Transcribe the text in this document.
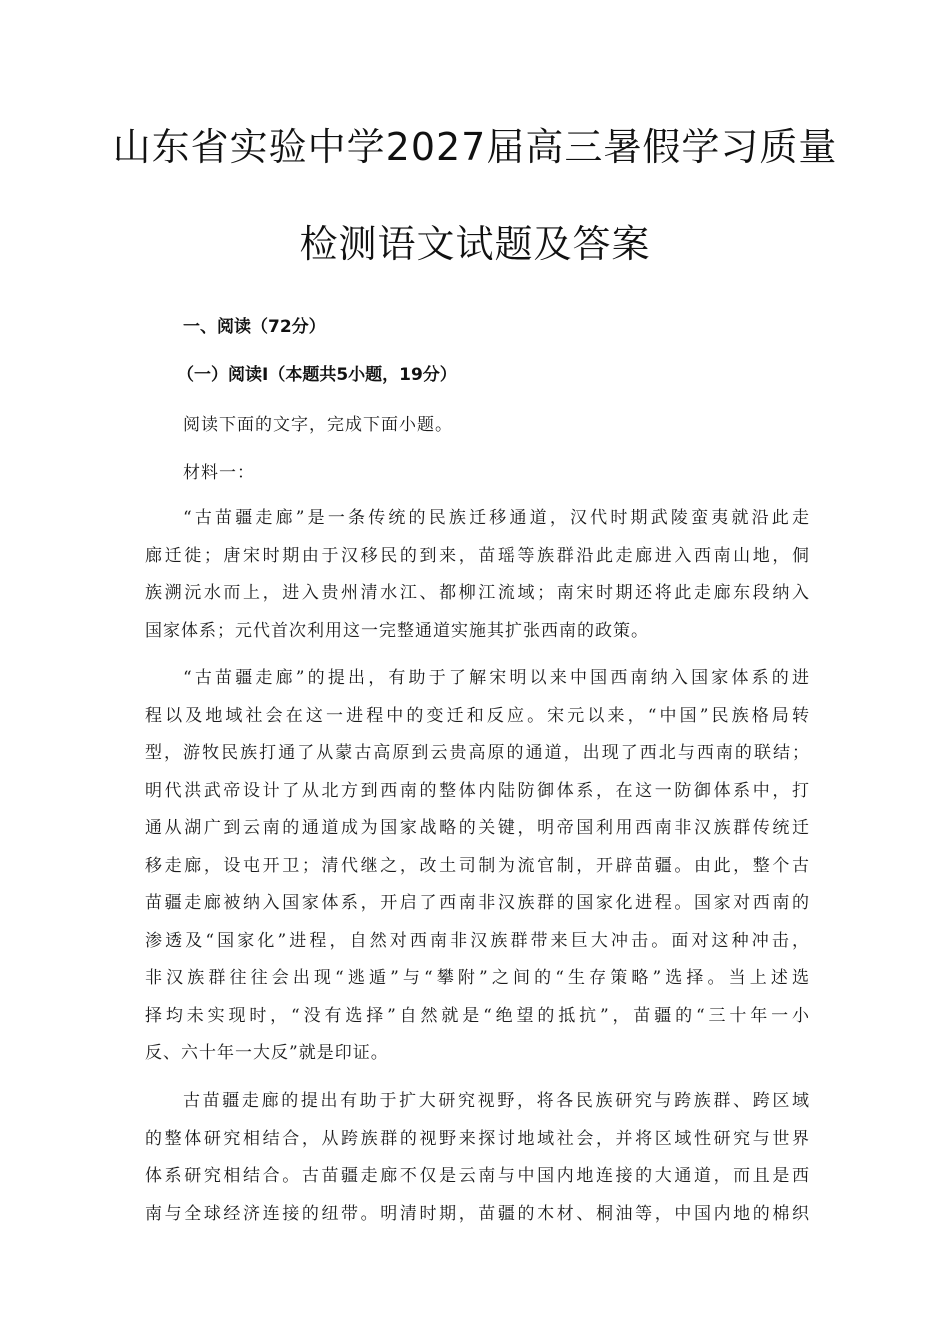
山东省实验中学2027届高三暑假学习质量
检测语文试题及答案
一、阅读（72分）
（一）阅读I（本题共5小题，19分）

阅读下面的文字，完成下面小题。

材料一：

“古苗疆走廊”是一条传统的民族迁移通道，汉代时期武陵蛮夷就沿此走
廊迁徙；唐宋时期由于汉移民的到来，苗瑶等族群沿此走廊进入西南山地，侗
族溯沅水而上，进入贵州清水江、都柳江流域；南宋时期还将此走廊东段纳入
国家体系；元代首次利用这一完整通道实施其扩张西南的政策。
“古苗疆走廊”的提出，有助于了解宋明以来中国西南纳入国家体系的进
程以及地域社会在这一进程中的变迁和反应。宋元以来，“中国”民族格局转
型，游牧民族打通了从蒙古高原到云贵高原的通道，出现了西北与西南的联结；
明代洪武帝设计了从北方到西南的整体内陆防御体系，在这一防御体系中，打
通从湖广到云南的通道成为国家战略的关键，明帝国利用西南非汉族群传统迁
移走廊，设屯开卫；清代继之，改土司制为流官制，开辟苗疆。由此，整个古
苗疆走廊被纳入国家体系，开启了西南非汉族群的国家化进程。国家对西南的
渗透及“国家化”进程，自然对西南非汉族群带来巨大冲击。面对这种冲击，
非汉族群往往会出现“逃遁”与“攀附”之间的“生存策略”选择。当上述选
择均未实现时，“没有选择”自然就是“绝望的抵抗”，苗疆的“三十年一小
反、六十年一大反”就是印证。
古苗疆走廊的提出有助于扩大研究视野，将各民族研究与跨族群、跨区域
的整体研究相结合，从跨族群的视野来探讨地域社会，并将区域性研究与世界
体系研究相结合。古苗疆走廊不仅是云南与中国内地连接的大通道，而且是西
南与全球经济连接的纽带。明清时期，苗疆的木材、桐油等，中国内地的棉织
